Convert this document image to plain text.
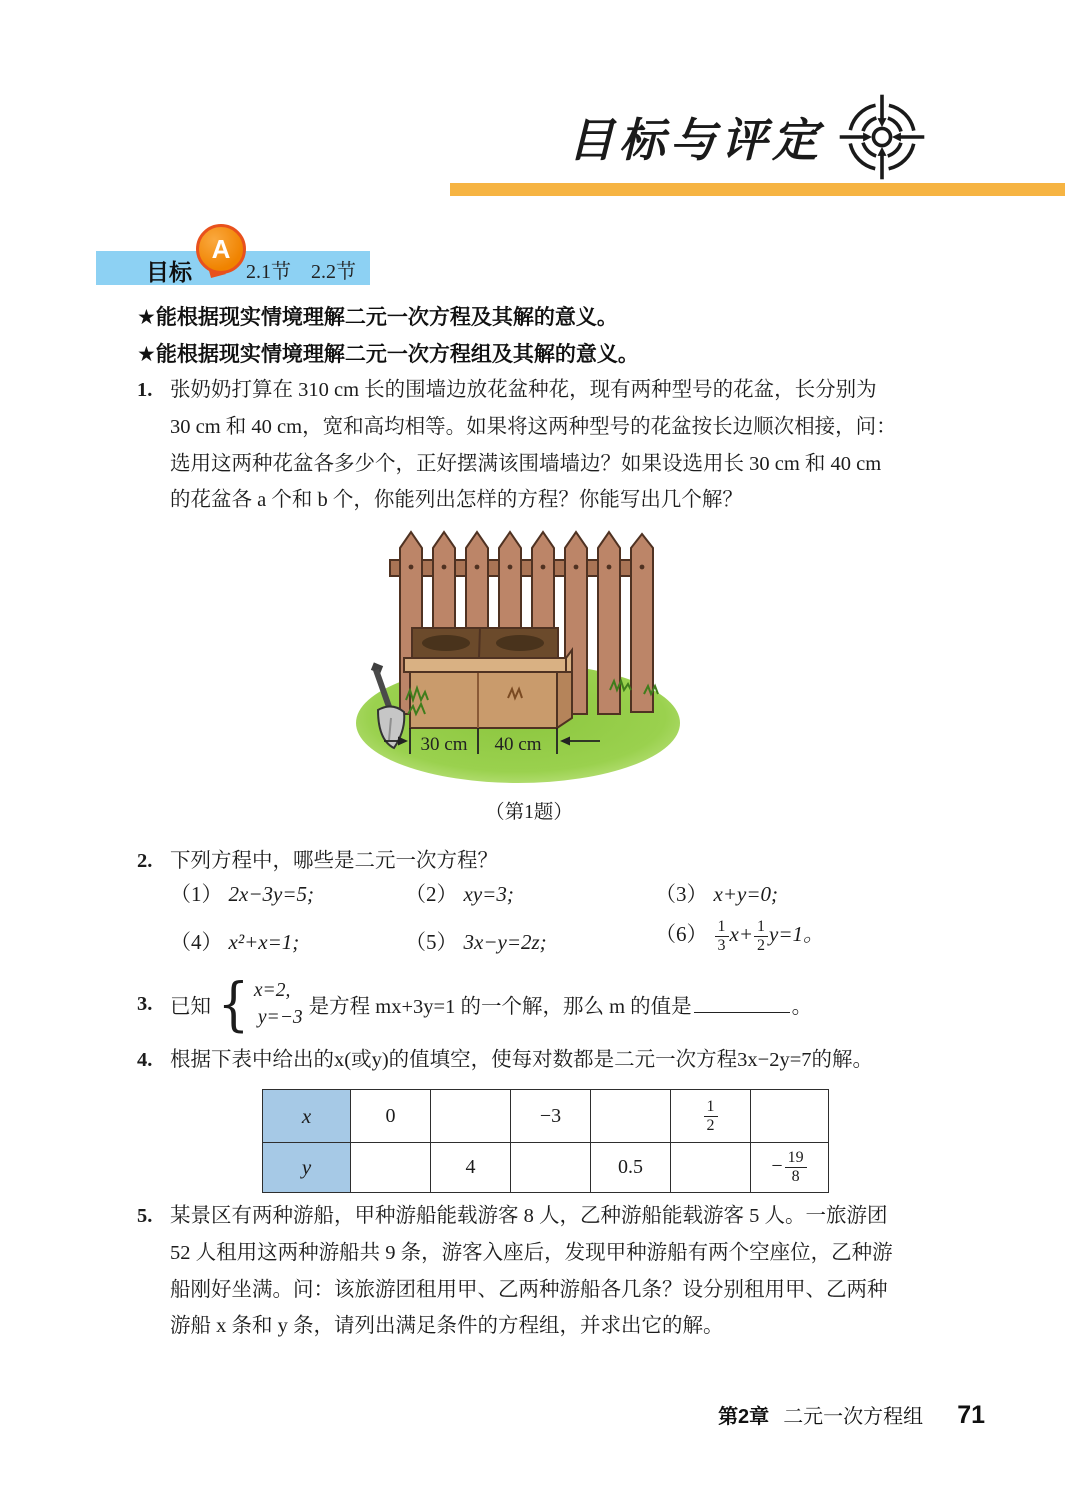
目标与评定
A
目标	2.1节　2.2节
★能根据现实情境理解二元一次方程及其解的意义。
★能根据现实情境理解二元一次方程组及其解的意义。
1. 张奶奶打算在 310 cm 长的围墙边放花盆种花，现有两种型号的花盆，长分别为
30 cm 和 40 cm，宽和高均相等。如果将这两种型号的花盆按长边顺次相接，问：
选用这两种花盆各多少个，正好摆满该围墙墙边？如果设选用长 30 cm 和 40 cm
的花盆各 a 个和 b 个，你能列出怎样的方程？你能写出几个解？
30 cm 40 cm
（第1题）
2. 下列方程中，哪些是二元一次方程？
（1） 2x−3y=5;	（2） xy=3;	（3） x+y=0;
（4） x²+x=1;	（5） 3x−y=2z;	$(6) \frac{1}{3} x+ \frac{1}{2} y=1$。
3. 已知 { x=2,
y=−3 是方程 mx+3y=1 的一个解，那么 m 的值是	。
4. 根据下表中给出的x(或y)的值填空，使每对数都是二元一次方程3x−2y=7的解。
x	0		−3		$\frac{1}{2}$

y		4		0.5		− $\frac{19}{8}$
5. 某景区有两种游船，甲种游船能载游客 8 人，乙种游船能载游客 5 人。一旅游团
52 人租用这两种游船共 9 条，游客入座后，发现甲种游船有两个空座位，乙种游
船刚好坐满。问：该旅游团租用甲、乙两种游船各几条？设分别租用甲、乙两种
游船 x 条和 y 条，请列出满足条件的方程组，并求出它的解。
第2章 二元一次方程组 71
